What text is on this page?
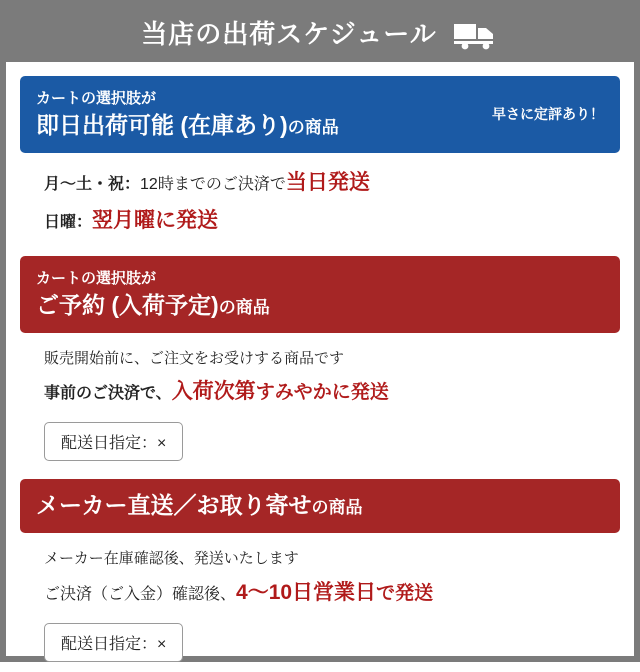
当店の出荷スケジュール
カートの選択肢が
即日出荷可能 (在庫あり)の商品
早さに定評あり！
月～土・祝：12時までのご決済で当日発送
日曜：翌月曜に発送
カートの選択肢が
ご予約 (入荷予定)の商品
販売開始前に、ご注文をお受けする商品です
事前のご決済で、入荷次第すみやかに発送
配送日指定：×
メーカー直送／お取り寄せの商品
メーカー在庫確認後、発送いたします
ご決済（ご入金）確認後、4～10日営業日で発送
配送日指定：×
